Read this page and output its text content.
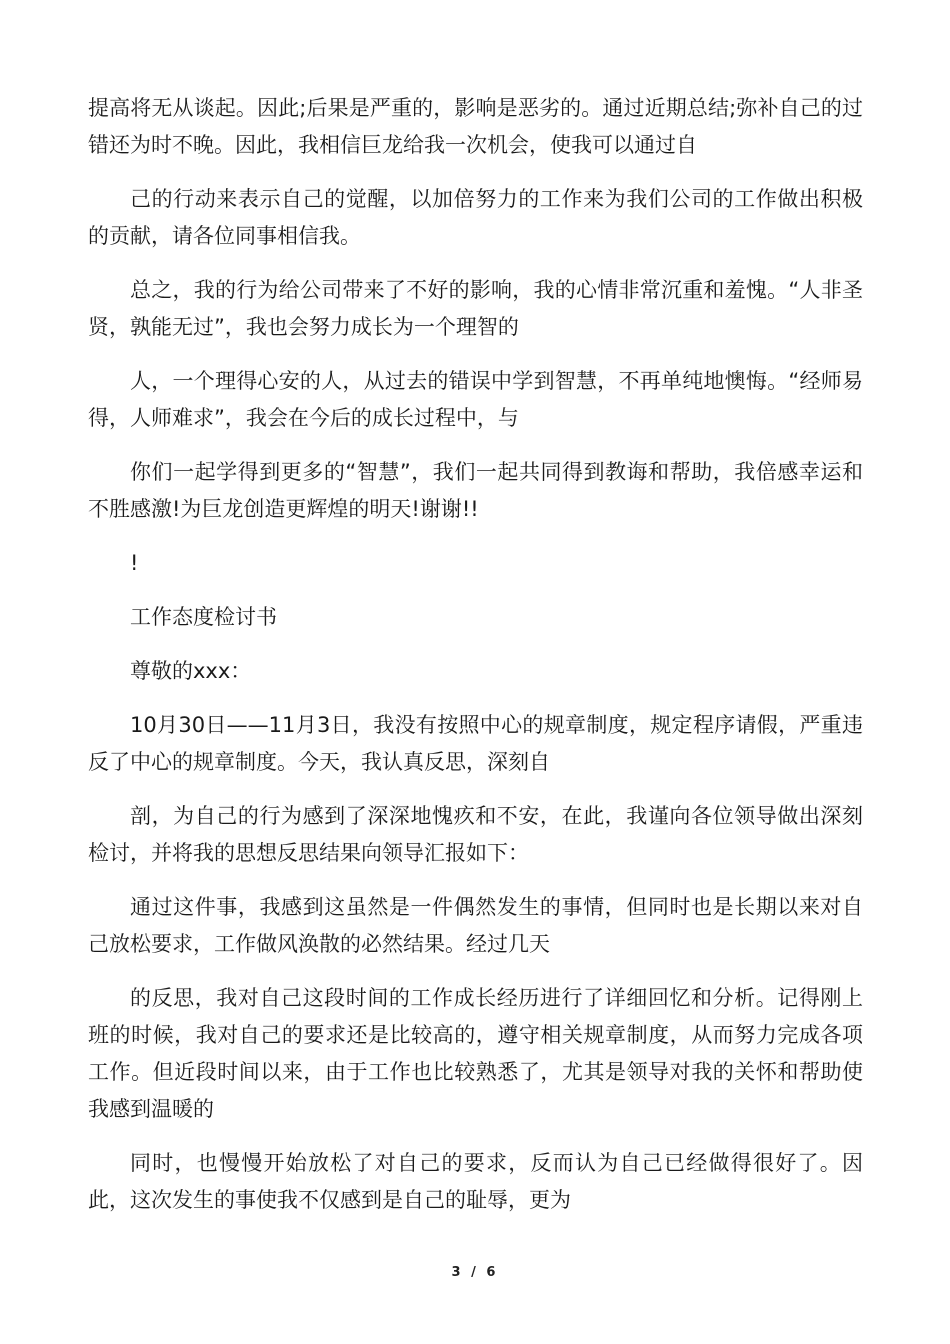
提高将无从谈起。因此;后果是严重的，影响是恶劣的。通过近期总结;弥补自己的过错还为时不晚。因此，我相信巨龙给我一次机会，使我可以通过自

己的行动来表示自己的觉醒，以加倍努力的工作来为我们公司的工作做出积极的贡献，请各位同事相信我。

总之，我的行为给公司带来了不好的影响，我的心情非常沉重和羞愧。“人非圣贤，孰能无过”，我也会努力成长为一个理智的

人，一个理得心安的人，从过去的错误中学到智慧，不再单纯地懊悔。“经师易得，人师难求”，我会在今后的成长过程中，与

你们一起学得到更多的“智慧”，我们一起共同得到教诲和帮助，我倍感幸运和不胜感激!为巨龙创造更辉煌的明天!谢谢!!

!

工作态度检讨书

尊敬的xxx：

10月30日——11月3日，我没有按照中心的规章制度，规定程序请假，严重违反了中心的规章制度。今天，我认真反思，深刻自

剖，为自己的行为感到了深深地愧疚和不安，在此，我谨向各位领导做出深刻检讨，并将我的思想反思结果向领导汇报如下：

通过这件事，我感到这虽然是一件偶然发生的事情，但同时也是长期以来对自己放松要求，工作做风涣散的必然结果。经过几天

的反思，我对自己这段时间的工作成长经历进行了详细回忆和分析。记得刚上班的时候，我对自己的要求还是比较高的，遵守相关规章制度，从而努力完成各项工作。但近段时间以来，由于工作也比较熟悉了，尤其是领导对我的关怀和帮助使我感到温暖的

同时，也慢慢开始放松了对自己的要求，反而认为自己已经做得很好了。因此，这次发生的事使我不仅感到是自己的耻辱，更为

3 / 6
